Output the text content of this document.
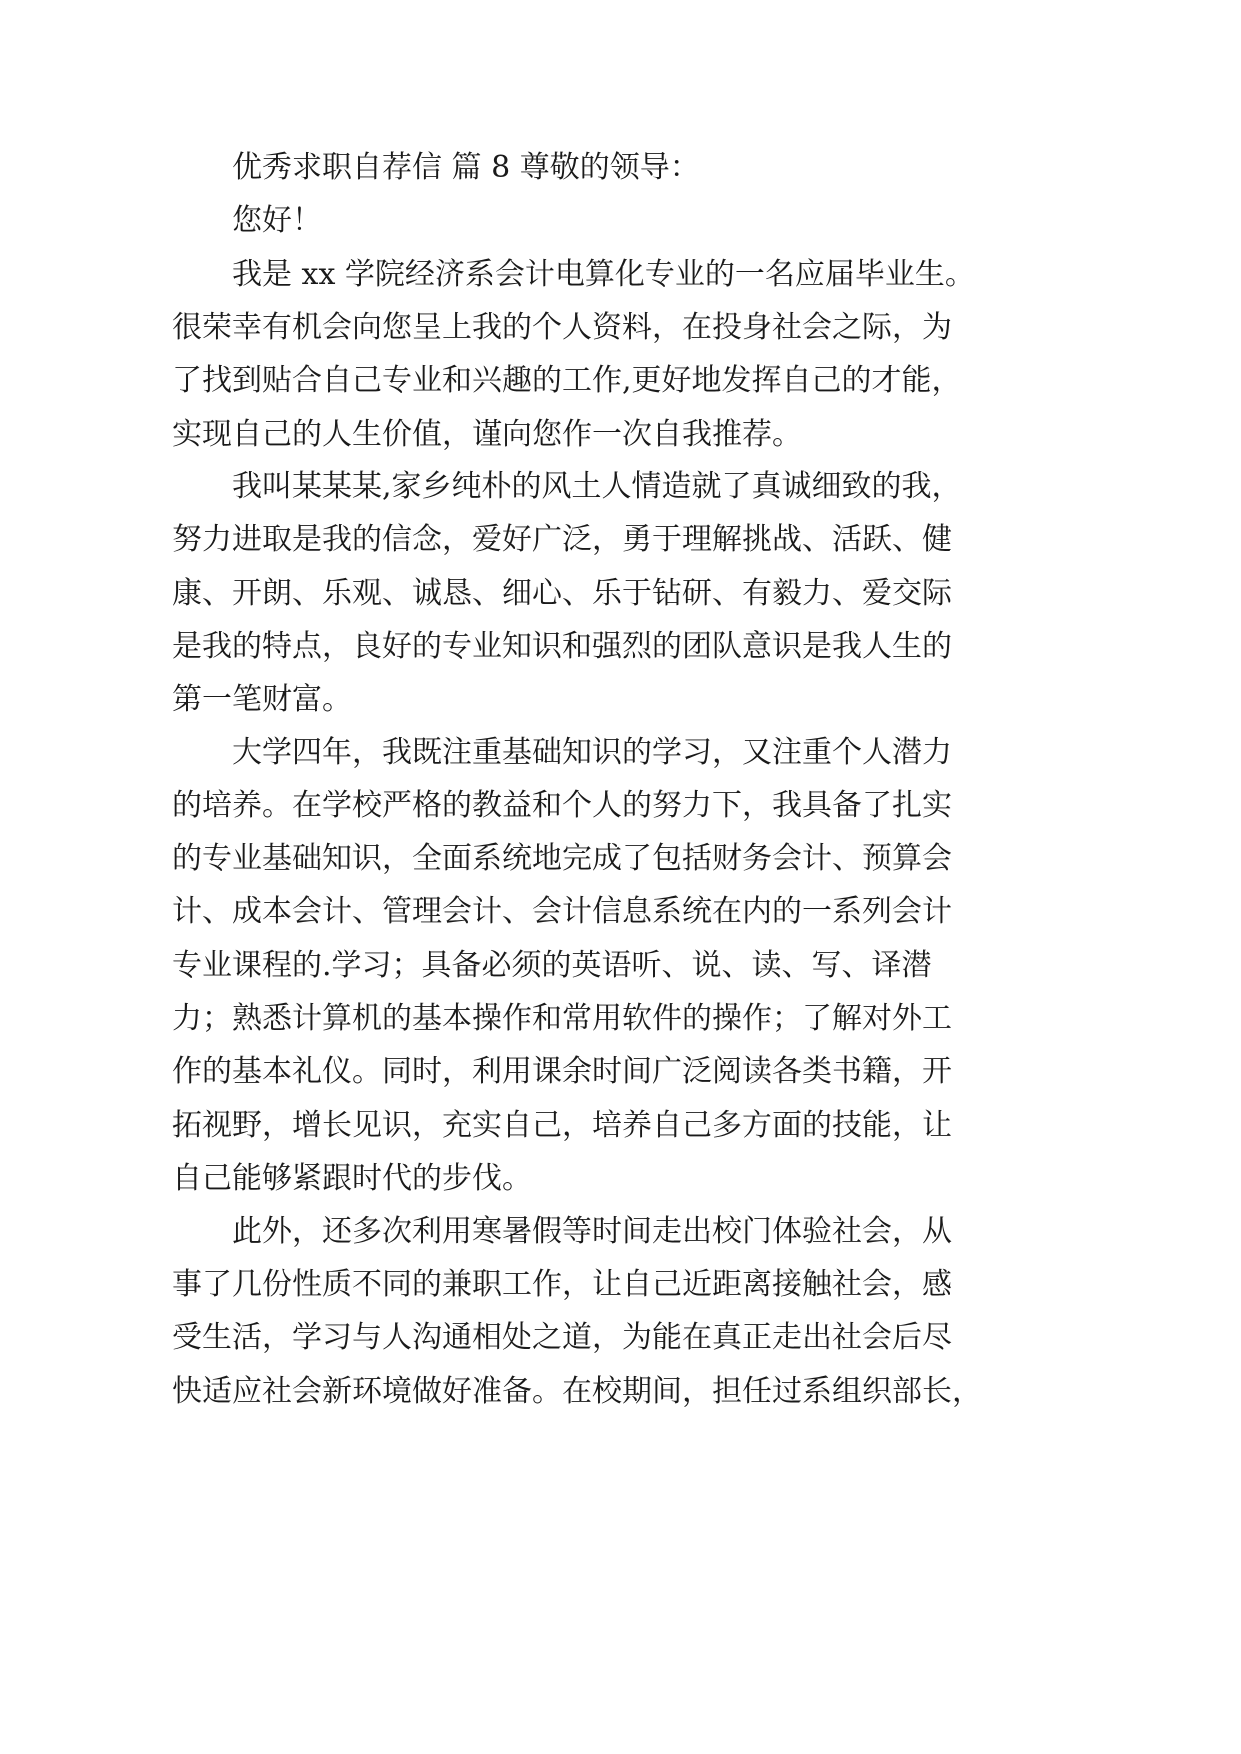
优秀求职自荐信 篇 8 尊敬的领导：
您好！
我是 xx 学院经济系会计电算化专业的一名应届毕业生。
很荣幸有机会向您呈上我的个人资料，在投身社会之际，为
了找到贴合自己专业和兴趣的工作,更好地发挥自己的才能，
实现自己的人生价值，谨向您作一次自我推荐。
我叫某某某,家乡纯朴的风土人情造就了真诚细致的我，
努力进取是我的信念，爱好广泛，勇于理解挑战、活跃、健
康、开朗、乐观、诚恳、细心、乐于钻研、有毅力、爱交际
是我的特点，良好的专业知识和强烈的团队意识是我人生的
第一笔财富。
大学四年，我既注重基础知识的学习，又注重个人潜力
的培养。在学校严格的教益和个人的努力下，我具备了扎实
的专业基础知识，全面系统地完成了包括财务会计、预算会
计、成本会计、管理会计、会计信息系统在内的一系列会计
专业课程的.学习；具备必须的英语听、说、读、写、译潜
力；熟悉计算机的基本操作和常用软件的操作；了解对外工
作的基本礼仪。同时，利用课余时间广泛阅读各类书籍，开
拓视野，增长见识，充实自己，培养自己多方面的技能，让
自己能够紧跟时代的步伐。
此外，还多次利用寒暑假等时间走出校门体验社会，从
事了几份性质不同的兼职工作，让自己近距离接触社会，感
受生活，学习与人沟通相处之道，为能在真正走出社会后尽
快适应社会新环境做好准备。在校期间，担任过系组织部长，
